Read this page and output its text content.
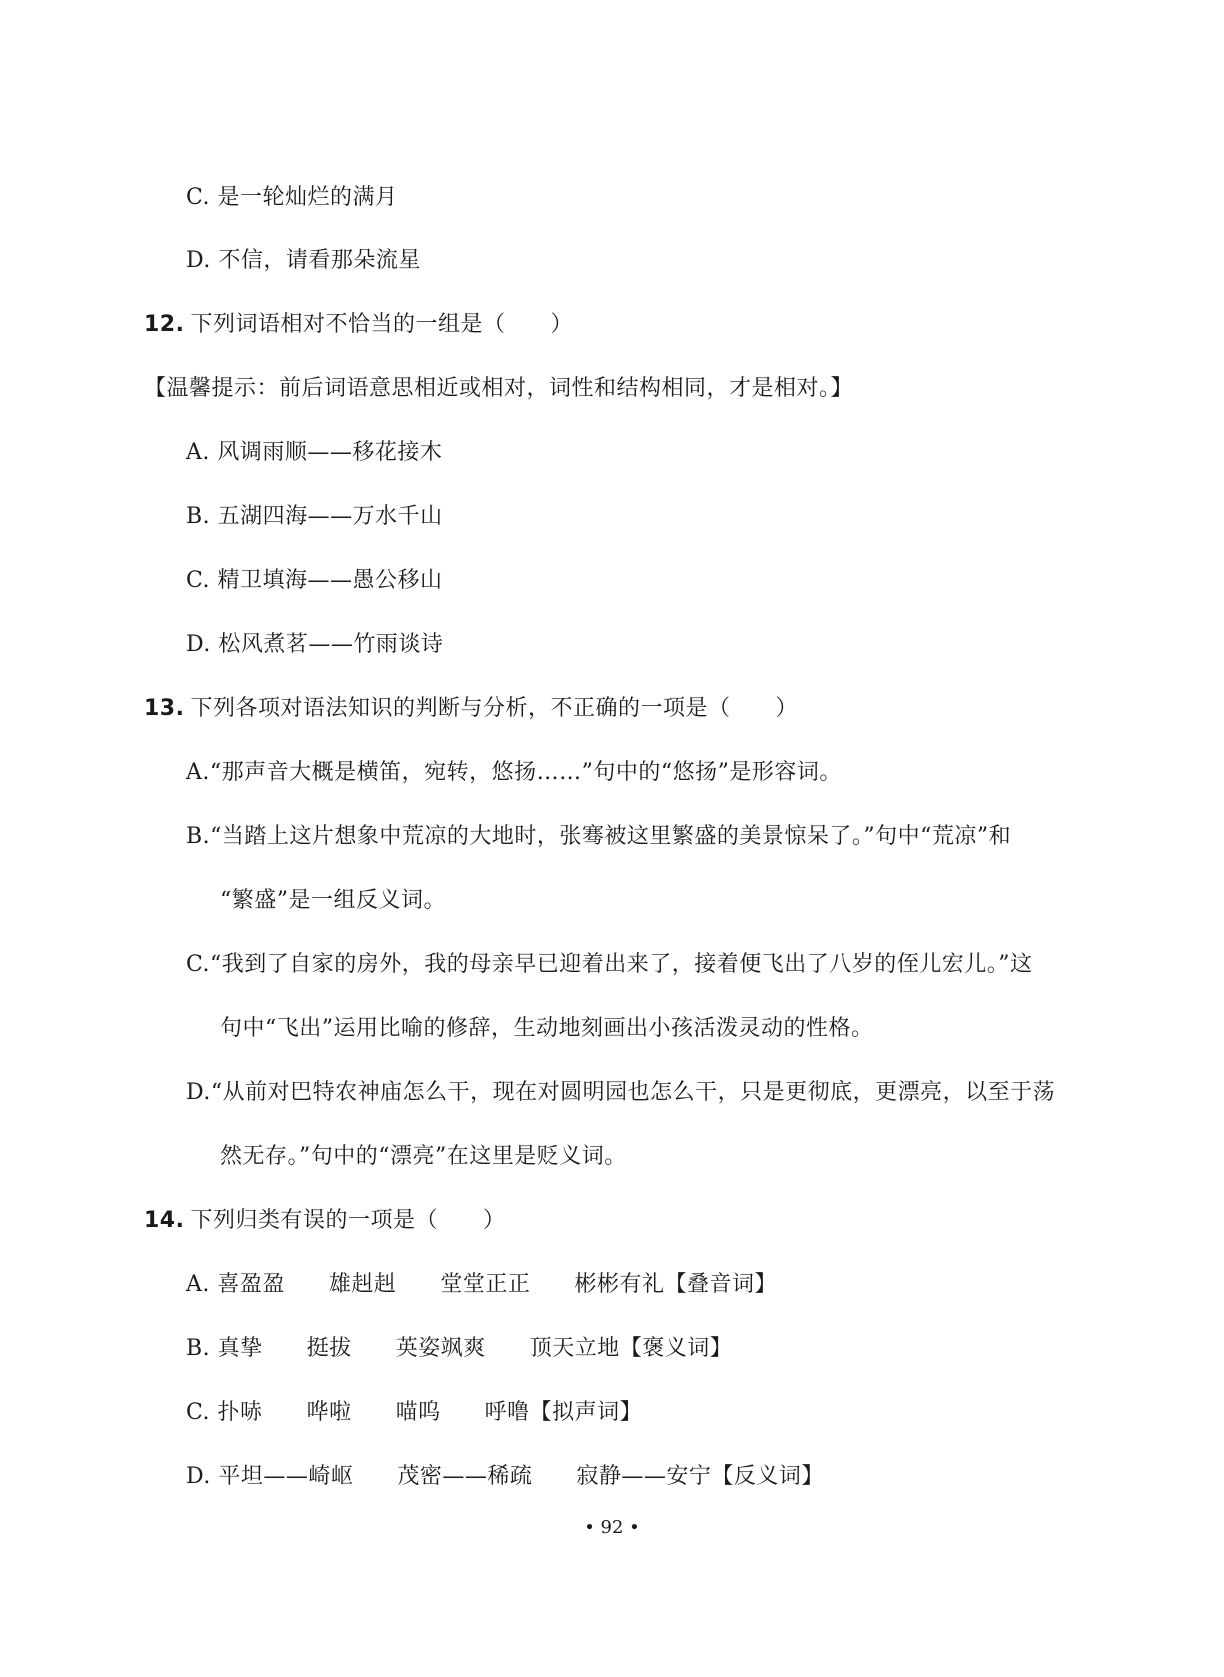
C. 是一轮灿烂的满月
D. 不信，请看那朵流星
12. 下列词语相对不恰当的一组是（　　）
【温馨提示：前后词语意思相近或相对，词性和结构相同，才是相对。】
A. 风调雨顺——移花接木
B. 五湖四海——万水千山
C. 精卫填海——愚公移山
D. 松风煮茗——竹雨谈诗
13. 下列各项对语法知识的判断与分析，不正确的一项是（　　）
A.“那声音大概是横笛，宛转，悠扬……”句中的“悠扬”是形容词。
B.“当踏上这片想象中荒凉的大地时，张骞被这里繁盛的美景惊呆了。”句中“荒凉”和
“繁盛”是一组反义词。
C.“我到了自家的房外，我的母亲早已迎着出来了，接着便飞出了八岁的侄儿宏儿。”这
句中“飞出”运用比喻的修辞，生动地刻画出小孩活泼灵动的性格。
D.“从前对巴特农神庙怎么干，现在对圆明园也怎么干，只是更彻底，更漂亮，以至于荡
然无存。”句中的“漂亮”在这里是贬义词。
14. 下列归类有误的一项是（　　）
A. 喜盈盈 雄赳赳 堂堂正正 彬彬有礼【叠音词】
B. 真挚 挺拔 英姿飒爽 顶天立地【褒义词】
C. 扑哧 哗啦 喵呜 呼噜【拟声词】
D. 平坦——崎岖 茂密——稀疏 寂静——安宁【反义词】
• 92 •
